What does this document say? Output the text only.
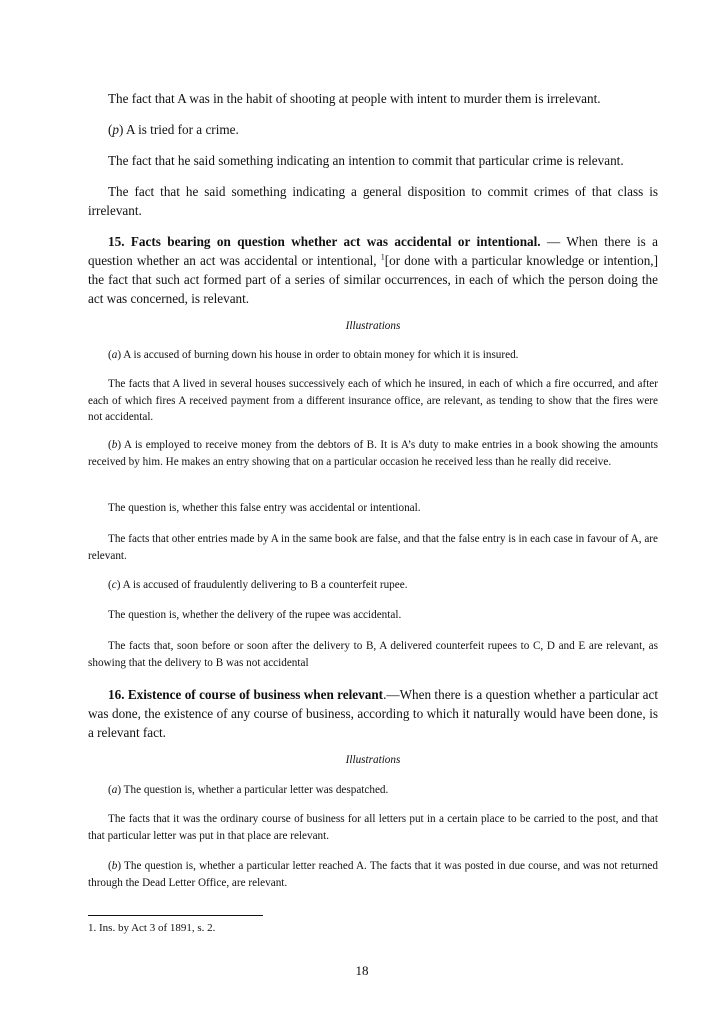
The fact that A was in the habit of shooting at people with intent to murder them is irrelevant.

(p) A is tried for a crime.

The fact that he said something indicating an intention to commit that particular crime is relevant.

The fact that he said something indicating a general disposition to commit crimes of that class is irrelevant.

15. Facts bearing on question whether act was accidental or intentional. — When there is a question whether an act was accidental or intentional, $^1$[or done with a particular knowledge or intention,] the fact that such act formed part of a series of similar occurrences, in each of which the person doing the act was concerned, is relevant.

Illustrations

(a) A is accused of burning down his house in order to obtain money for which it is insured.

The facts that A lived in several houses successively each of which he insured, in each of which a fire occurred, and after each of which fires A received payment from a different insurance office, are relevant, as tending to show that the fires were not accidental.

(b) A is employed to receive money from the debtors of B. It is A’s duty to make entries in a book showing the amounts received by him. He makes an entry showing that on a particular occasion he received less than he really did receive.

The question is, whether this false entry was accidental or intentional.

The facts that other entries made by A in the same book are false, and that the false entry is in each case in favour of A, are relevant.

(c) A is accused of fraudulently delivering to B a counterfeit rupee.

The question is, whether the delivery of the rupee was accidental.

The facts that, soon before or soon after the delivery to B, A delivered counterfeit rupees to C, D and E are relevant, as showing that the delivery to B was not accidental

16. Existence of course of business when relevant.—When there is a question whether a particular act was done, the existence of any course of business, according to which it naturally would have been done, is a relevant fact.

Illustrations

(a) The question is, whether a particular letter was despatched.

The facts that it was the ordinary course of business for all letters put in a certain place to be carried to the post, and that that particular letter was put in that place are relevant.

(b) The question is, whether a particular letter reached A. The facts that it was posted in due course, and was not returned through the Dead Letter Office, are relevant.

1. Ins. by Act 3 of 1891, s. 2.
18
